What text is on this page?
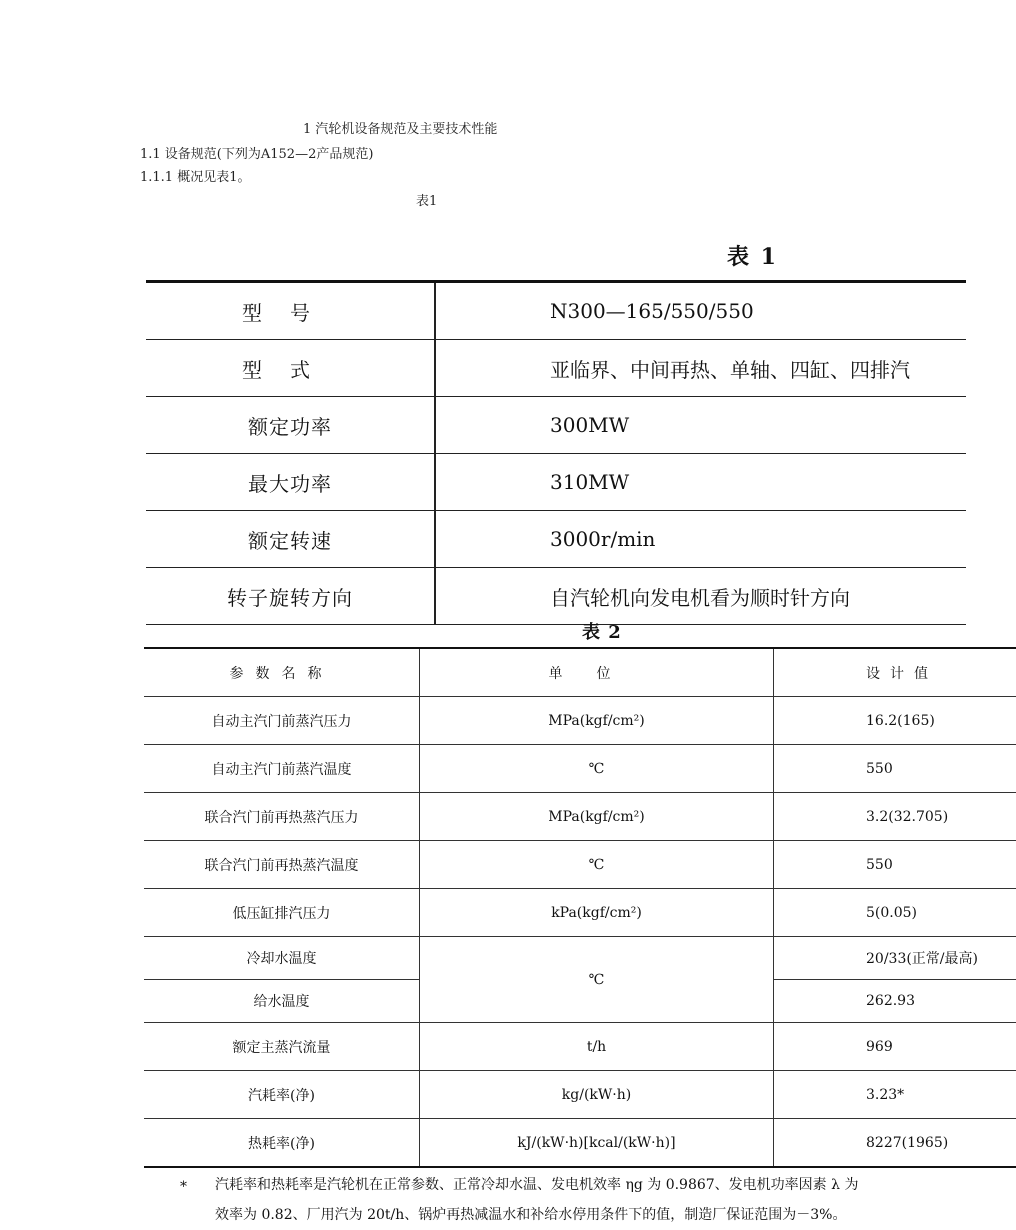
1 汽轮机设备规范及主要技术性能
1.1 设备规范(下列为A152—2产品规范)
1.1.1 概况见表1。
表1
表 1
型号	N300—165/550/550
型式	亚临界、中间再热、单轴、四缸、四排汽
额定功率	300MW
最大功率	310MW
额定转速	3000r/min
转子旋转方向	自汽轮机向发电机看为顺时针方向
表 2
参数名称	单位	设计值
自动主汽门前蒸汽压力	MPa(kgf/cm²)	16.2(165)
自动主汽门前蒸汽温度	℃	550
联合汽门前再热蒸汽压力	MPa(kgf/cm²)	3.2(32.705)
联合汽门前再热蒸汽温度	℃	550
低压缸排汽压力	kPa(kgf/cm²)	5(0.05)
冷却水温度	℃	20/33(正常/最高)
给水温度		262.93
额定主蒸汽流量	t/h	969
汽耗率(净)	kg/(kW·h)	3.23*
热耗率(净)	kJ/(kW·h)[kcal/(kW·h)]	8227(1965)
* 汽耗率和热耗率是汽轮机在正常参数、正常冷却水温、发电机效率 ηg 为 0.9867、发电机功率因素 λ 为
效率为 0.82、厂用汽为 20t/h、锅炉再热减温水和补给水停用条件下的值，制造厂保证范围为－3%。
